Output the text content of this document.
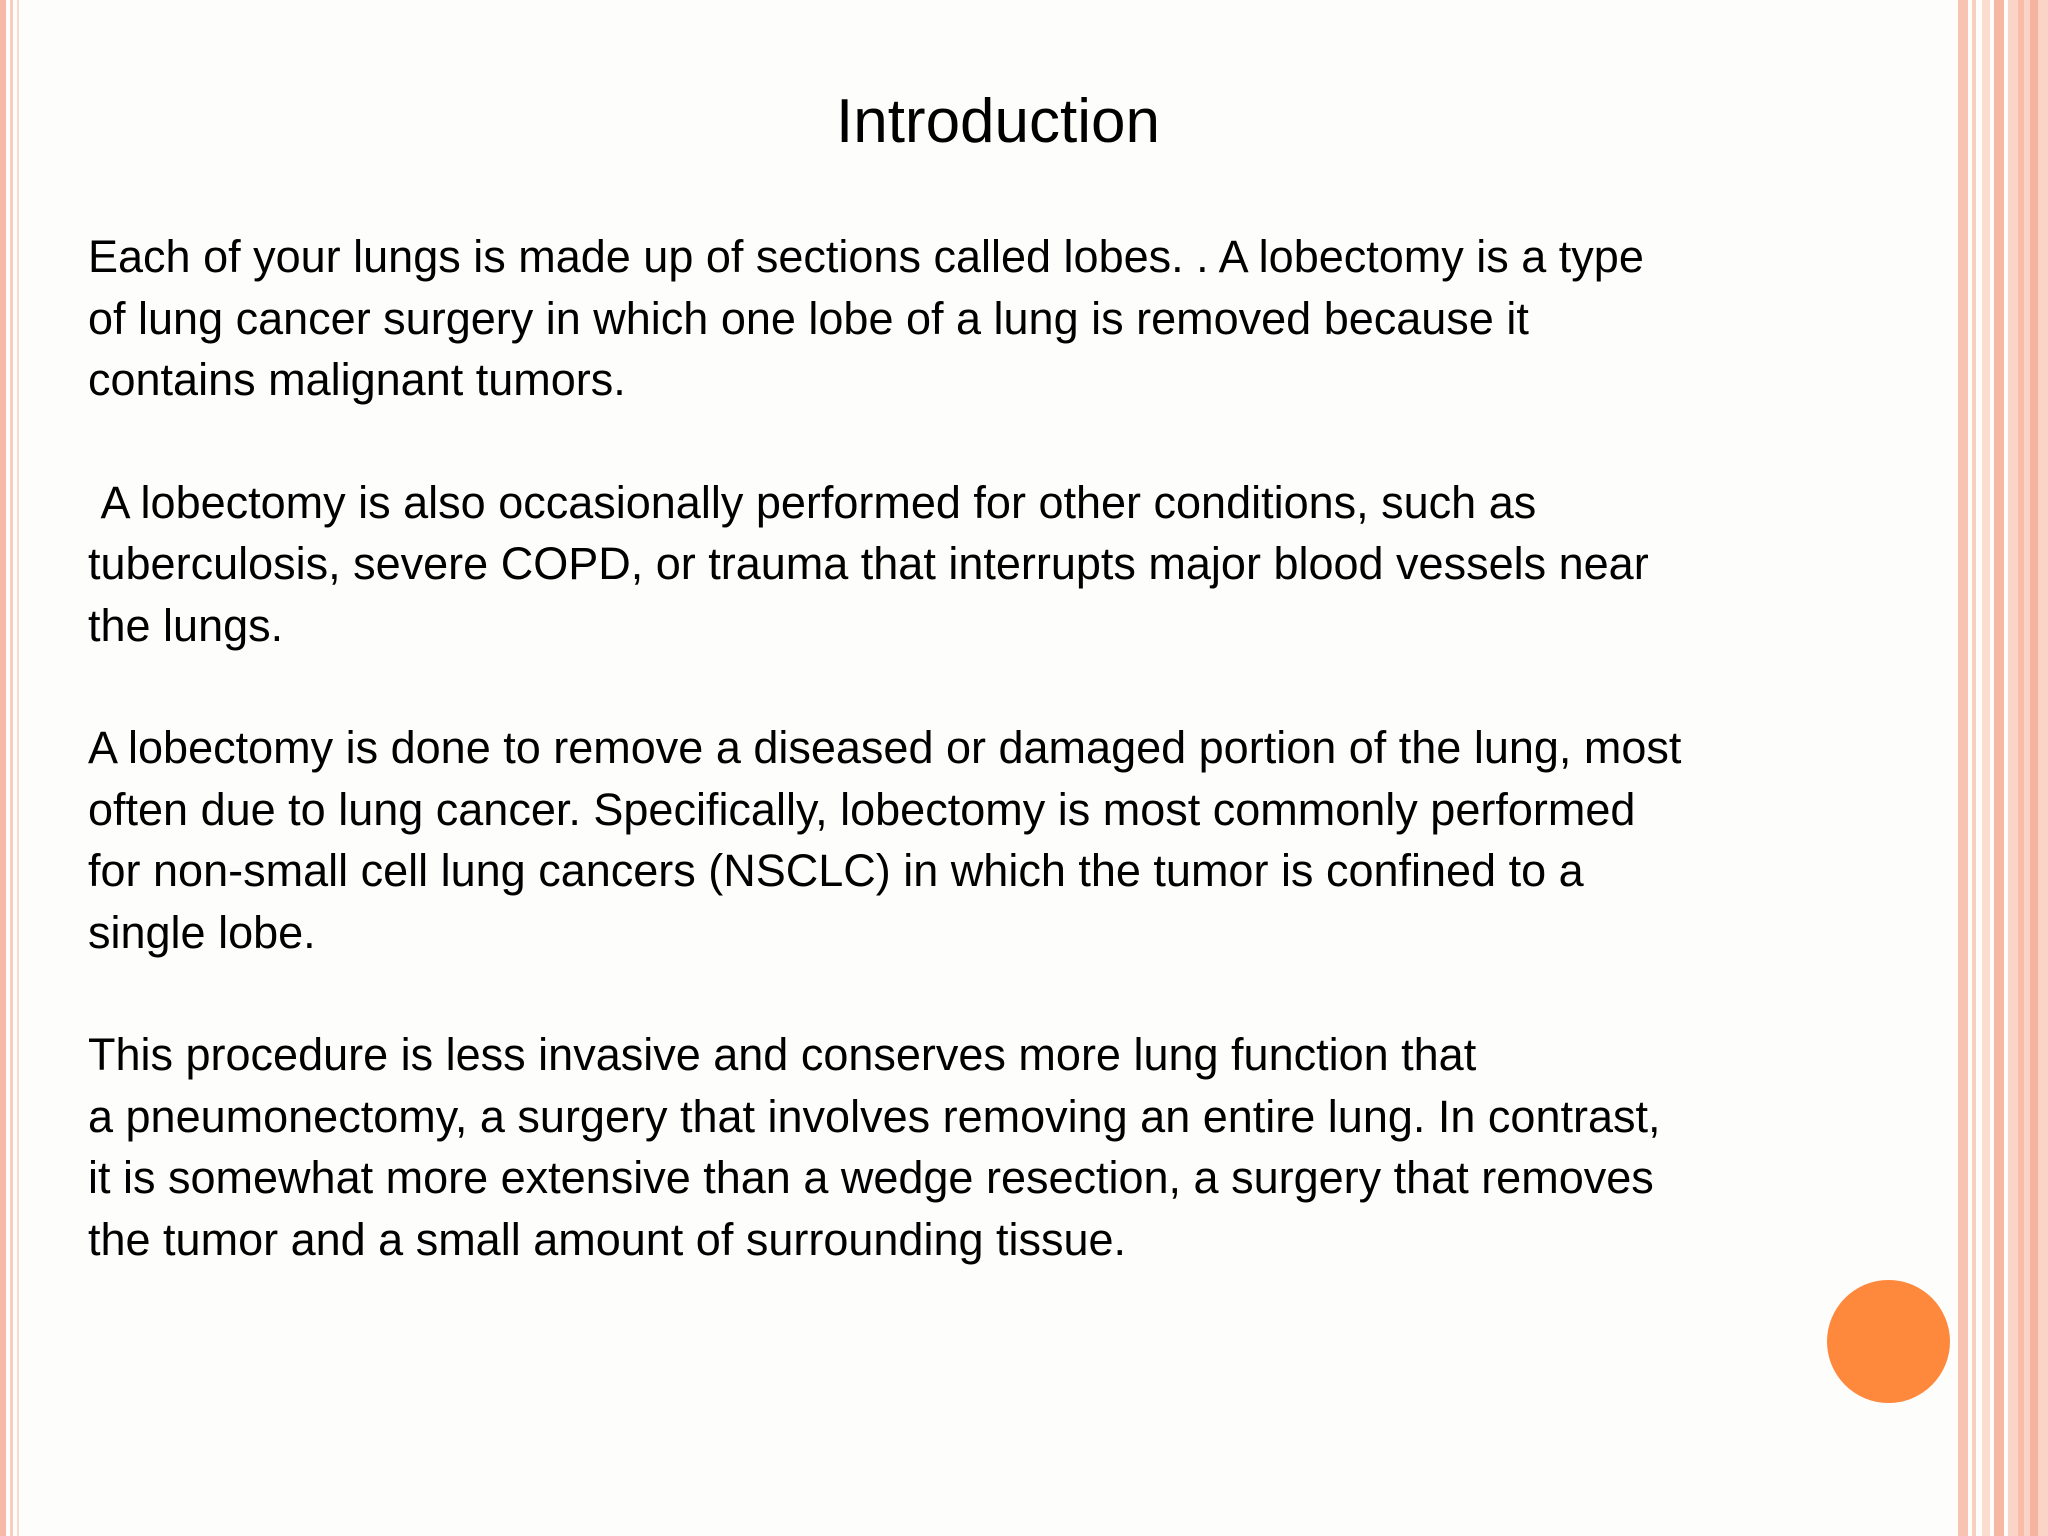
Introduction

Each of your lungs is made up of sections called lobes. . A lobectomy is a type
of lung cancer surgery in which one lobe of a lung is removed because it
contains malignant tumors.

A lobectomy is also occasionally performed for other conditions, such as
tuberculosis, severe COPD, or trauma that interrupts major blood vessels near
the lungs.

A lobectomy is done to remove a diseased or damaged portion of the lung, most
often due to lung cancer. Specifically, lobectomy is most commonly performed
for non-small cell lung cancers (NSCLC) in which the tumor is confined to a
single lobe.

This procedure is less invasive and conserves more lung function that
a pneumonectomy, a surgery that involves removing an entire lung. In contrast,
it is somewhat more extensive than a wedge resection, a surgery that removes
the tumor and a small amount of surrounding tissue.
